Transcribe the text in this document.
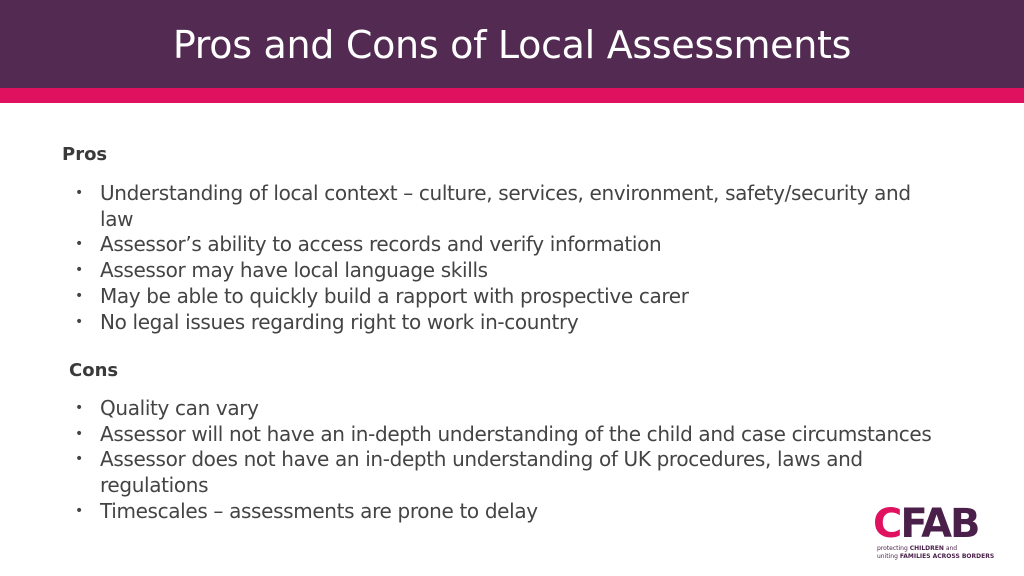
Pros and Cons of Local Assessments
Pros
• Understanding of local context – culture, services, environment, safety/security and law
• Assessor’s ability to access records and verify information
• Assessor may have local language skills
• May be able to quickly build a rapport with prospective carer
• No legal issues regarding right to work in-country
Cons
• Quality can vary
• Assessor will not have an in-depth understanding of the child and case circumstances
• Assessor does not have an in-depth understanding of UK procedures, laws and regulations
• Timescales – assessments are prone to delay	CFAB
protecting CHILDREN and
uniting FAMILIES ACROSS BORDERS
